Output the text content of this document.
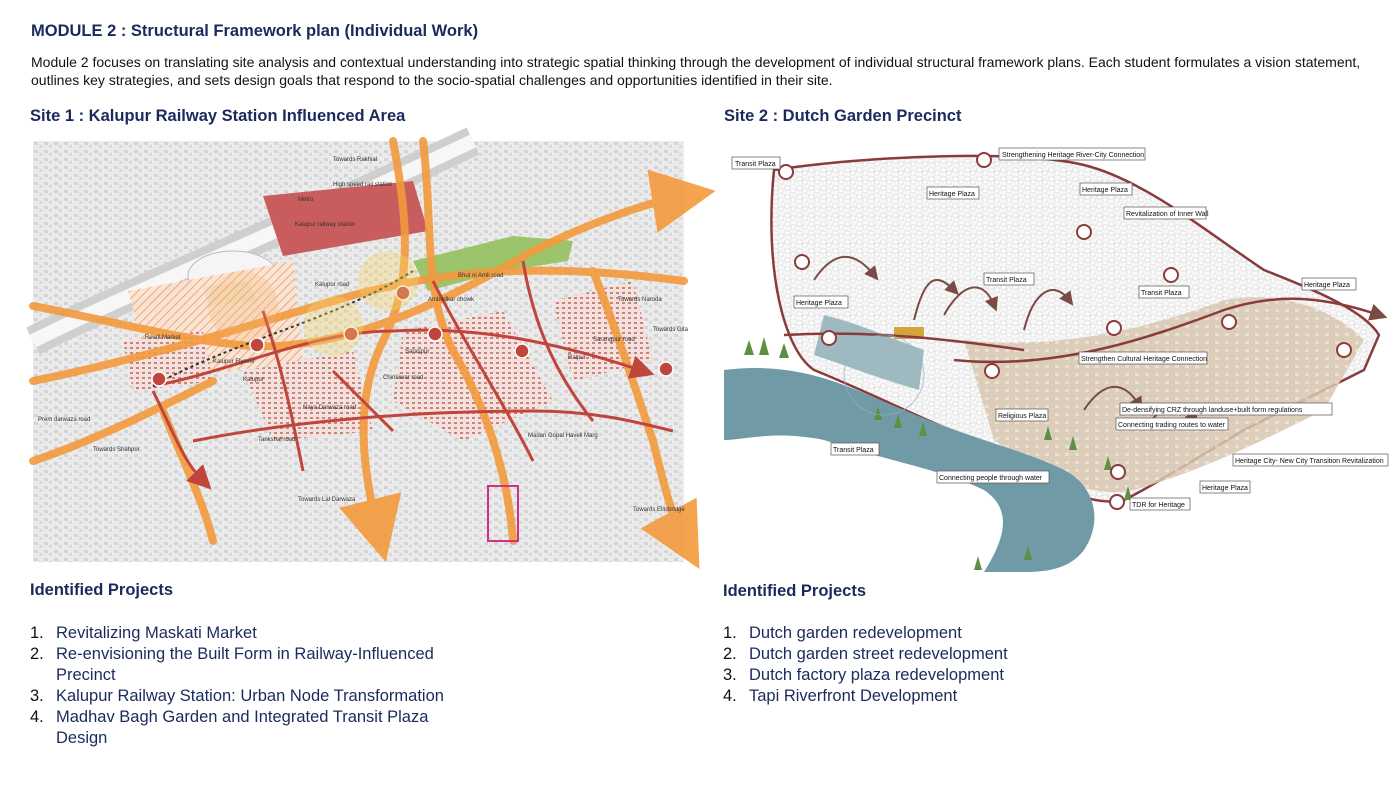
MODULE 2 : Structural Framework plan (Individual Work)

Module 2 focuses on translating site analysis and contextual understanding into strategic spatial thinking through the development of individual structural framework plans. Each student formulates a vision statement, outlines key strategies, and sets design goals that respond to the socio-spatial challenges and opportunities identified in their site.

Site 1 : Kalupur Railway Station Influenced Area
Towards Rakhial
High speed rail station
Metro
Kalupur railway station
Kalupur road
Bhut ni Amli road
Ambedkar chowk
Revdi Market
Kalupur Flyover
Kalupur
Saraspur
Raipur
Chinaiwar road
Naya Darwaza road
Tankshal road
Madan Gopal Haveli Marg
Prem darwaza road
Towards Shahpur
Towards Lal Darwaza
Towards Ellisbridge
Towards Naroda
Towards Gita
Sarangpur road
Identified Projects
1. Revitalizing Maskati Market
2. Re-envisioning the Built Form in Railway-Influenced
Precinct
3. Kalupur Railway Station: Urban Node Transformation
4. Madhav Bagh Garden and Integrated Transit Plaza
Design
Site 2 : Dutch Garden Precinct
Transit Plaza
Strengthening Heritage River-City Connection
Heritage Plaza
Heritage Plaza
Revitalization of Inner Wall
Transit Plaza
Transit Plaza
Heritage Plaza
Heritage Plaza
Strengthen Cultural Heritage Connection
Religious Plaza
De-densifying CRZ through landuse+built form regulations
Connecting trading routes to water
Transit Plaza
Heritage City- New City Transition Revitalization
Connecting people through water
Heritage Plaza
TDR for Heritage
Identified Projects
1. Dutch garden redevelopment
2. Dutch garden street redevelopment
3. Dutch factory plaza redevelopment
4. Tapi Riverfront Development
